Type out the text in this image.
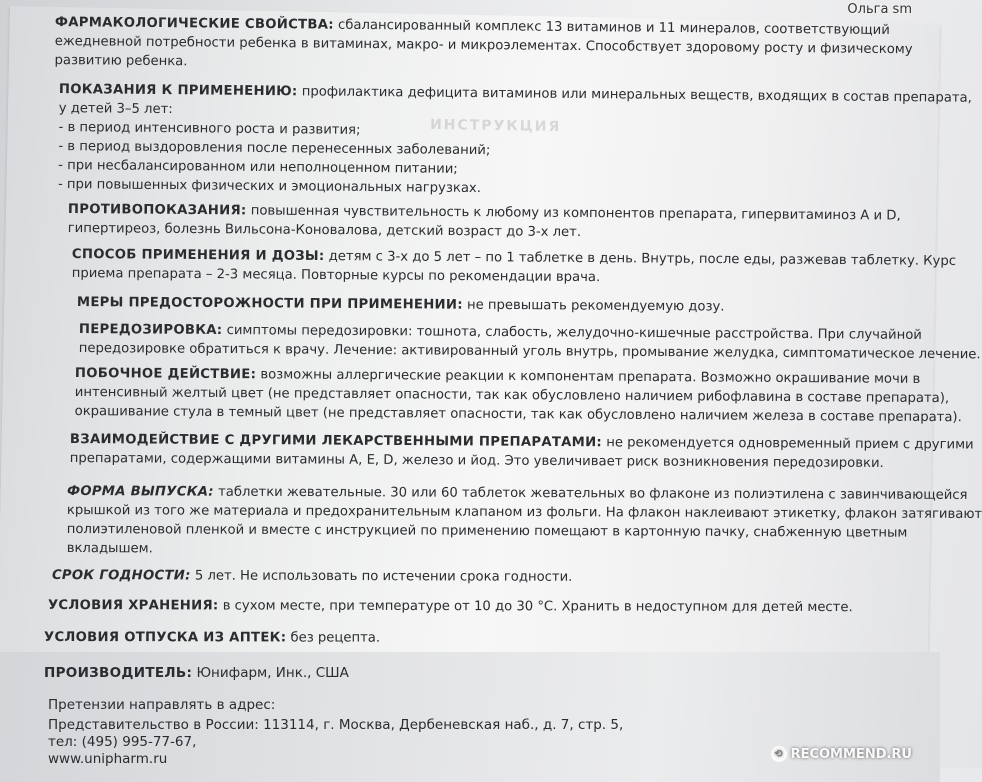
ИНСТРУКЦИЯ
ФАРМАКОЛОГИЧЕСКИЕ СВОЙСТВА: сбалансированный комплекс 13 витаминов и 11 минералов, соответствующий
ежедневной потребности ребенка в витаминах, макро- и микроэлементах. Способствует здоровому росту и физическому
развитию ребенка.
ПОКАЗАНИЯ К ПРИМЕНЕНИЮ: профилактика дефицита витаминов или минеральных веществ, входящих в состав препарата,
у детей 3–5 лет:
- в период интенсивного роста и развития;
- в период выздоровления после перенесенных заболеваний;
- при несбалансированном или неполноценном питании;
- при повышенных физических и эмоциональных нагрузках.
ПРОТИВОПОКАЗАНИЯ: повышенная чувствительность к любому из компонентов препарата, гипервитаминоз А и D,
гипертиреоз, болезнь Вильсона-Коновалова, детский возраст до 3-х лет.
СПОСОБ ПРИМЕНЕНИЯ И ДОЗЫ: детям с 3-х до 5 лет – по 1 таблетке в день. Внутрь, после еды, разжевав таблетку. Курс
приема препарата – 2-3 месяца. Повторные курсы по рекомендации врача.
МЕРЫ ПРЕДОСТОРОЖНОСТИ ПРИ ПРИМЕНЕНИИ: не превышать рекомендуемую дозу.
ПЕРЕДОЗИРОВКА: симптомы передозировки: тошнота, слабость, желудочно-кишечные расстройства. При случайной
передозировке обратиться к врачу. Лечение: активированный уголь внутрь, промывание желудка, симптоматическое лечение.
ПОБОЧНОЕ ДЕЙСТВИЕ: возможны аллергические реакции к компонентам препарата. Возможно окрашивание мочи в
интенсивный желтый цвет (не представляет опасности, так как обусловлено наличием рибофлавина в составе препарата),
окрашивание стула в темный цвет (не представляет опасности, так как обусловлено наличием железа в составе препарата).
ВЗАИМОДЕЙСТВИЕ С ДРУГИМИ ЛЕКАРСТВЕННЫМИ ПРЕПАРАТАМИ: не рекомендуется одновременный прием с другими
препаратами, содержащими витамины А, Е, D, железо и йод. Это увеличивает риск возникновения передозировки.
ФОРМА ВЫПУСКА: таблетки жевательные. 30 или 60 таблеток жевательных во флаконе из полиэтилена с завинчивающейся
крышкой из того же материала и предохранительным клапаном из фольги. На флакон наклеивают этикетку, флакон затягивают
полиэтиленовой пленкой и вместе с инструкцией по применению помещают в картонную пачку, снабженную цветным
вкладышем.
СРОК ГОДНОСТИ: 5 лет. Не использовать по истечении срока годности.
УСЛОВИЯ ХРАНЕНИЯ: в сухом месте, при температуре от 10 до 30 °С. Хранить в недоступном для детей месте.
УСЛОВИЯ ОТПУСКА ИЗ АПТЕК: без рецепта.
ПРОИЗВОДИТЕЛЬ: Юнифарм, Инк., США
Претензии направлять в адрес:
Представительство в России: 113114, г. Москва, Дербеневская наб., д. 7, стр. 5,
тел: (495) 995-77-67,
www.unipharm.ru
Ольга sm
⟲ RECOMMEND.RU
